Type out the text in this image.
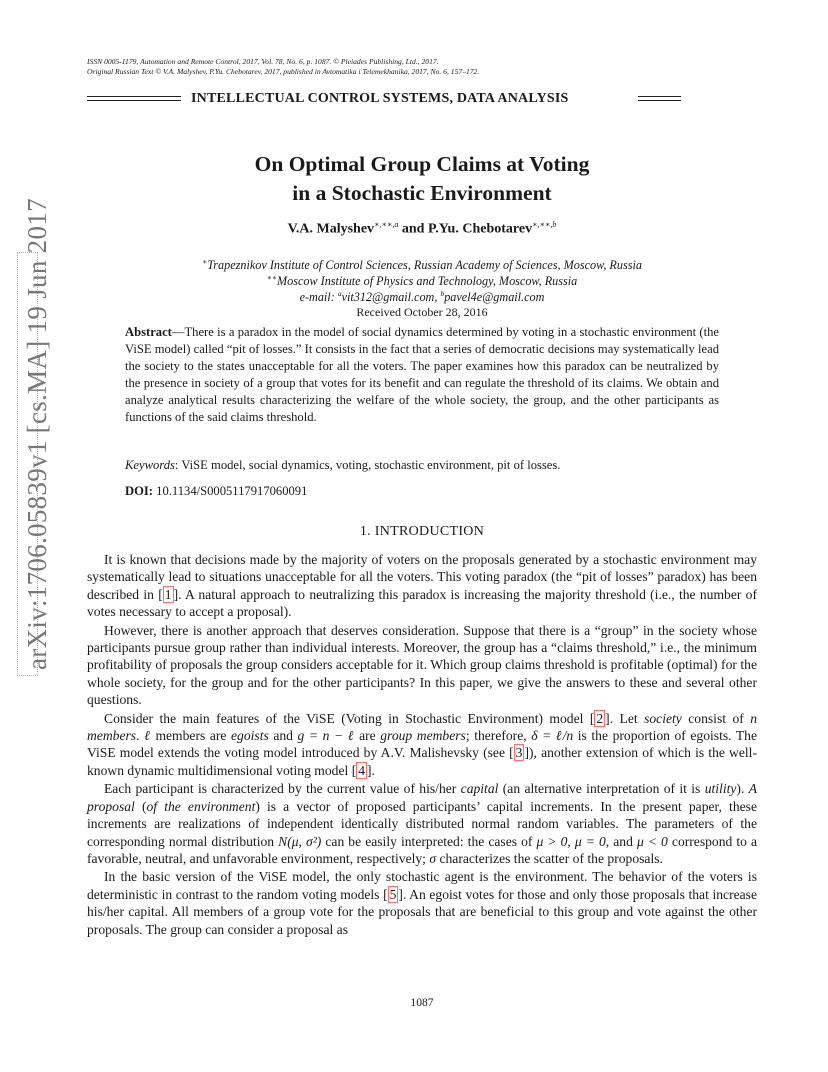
ISSN 0005-1179, Automation and Remote Control, 2017, Vol. 78, No. 6, p. 1087. © Pleiades Publishing, Ltd., 2017.
Original Russian Text © V.A. Malyshev, P.Yu. Chebotarev, 2017, published in Avtomatika i Telemekhanika, 2017, No. 6, 157–172.
INTELLECTUAL CONTROL SYSTEMS, DATA ANALYSIS
On Optimal Group Claims at Voting
in a Stochastic Environment
V.A. Malyshev$^{∗,∗∗,a}$ and P.Yu. Chebotarev$^{∗,∗∗,b}$
∗Trapeznikov Institute of Control Sciences, Russian Academy of Sciences, Moscow, Russia
∗∗Moscow Institute of Physics and Technology, Moscow, Russia
e-mail: $^a$vit312@gmail.com, $^b$pavel4e@gmail.com
Received October 28, 2016
Abstract—There is a paradox in the model of social dynamics determined by voting in a stochastic environment (the ViSE model) called “pit of losses.” It consists in the fact that a series of democratic decisions may systematically lead the society to the states unacceptable for all the voters. The paper examines how this paradox can be neutralized by the presence in society of a group that votes for its benefit and can regulate the threshold of its claims. We obtain and analyze analytical results characterizing the welfare of the whole society, the group, and the other participants as functions of the said claims threshold.
Keywords: ViSE model, social dynamics, voting, stochastic environment, pit of losses.
DOI: 10.1134/S0005117917060091
1. INTRODUCTION

It is known that decisions made by the majority of voters on the proposals generated by a stochastic environment may systematically lead to situations unacceptable for all the voters. This voting paradox (the “pit of losses” paradox) has been described in [ 1 ]. A natural approach to neutralizing this paradox is increasing the majority threshold (i.e., the number of votes necessary to accept a proposal).

However, there is another approach that deserves consideration. Suppose that there is a “group” in the society whose participants pursue group rather than individual interests. Moreover, the group has a “claims threshold,” i.e., the minimum profitability of proposals the group considers acceptable for it. Which group claims threshold is profitable (optimal) for the whole society, for the group and for the other participants? In this paper, we give the answers to these and several other questions.

Consider the main features of the ViSE (Voting in Stochastic Environment) model [ 2 ]. Let society consist of n members. ℓ members are egoists and g = n − ℓ are group members; therefore, δ = ℓ/n is the proportion of egoists. The ViSE model extends the voting model introduced by A.V. Malishevsky (see [ 3 ]), another extension of which is the well-known dynamic multidimensional voting model [ 4 ].

Each participant is characterized by the current value of his/her capital (an alternative interpretation of it is utility). A proposal (of the environment) is a vector of proposed participants’ capital increments. In the present paper, these increments are realizations of independent identically distributed normal random variables. The parameters of the corresponding normal distribution N(μ, σ²) can be easily interpreted: the cases of μ > 0, μ = 0, and μ < 0 correspond to a favorable, neutral, and unfavorable environment, respectively; σ characterizes the scatter of the proposals.

In the basic version of the ViSE model, the only stochastic agent is the environment. The behavior of the voters is deterministic in contrast to the random voting models [ 5 ]. An egoist votes for those and only those proposals that increase his/her capital. All members of a group vote for the proposals that are beneficial to this group and vote against the other proposals. The group can consider a proposal as

1087
arXiv:1706.05839v1 [cs.MA] 19 Jun 2017
